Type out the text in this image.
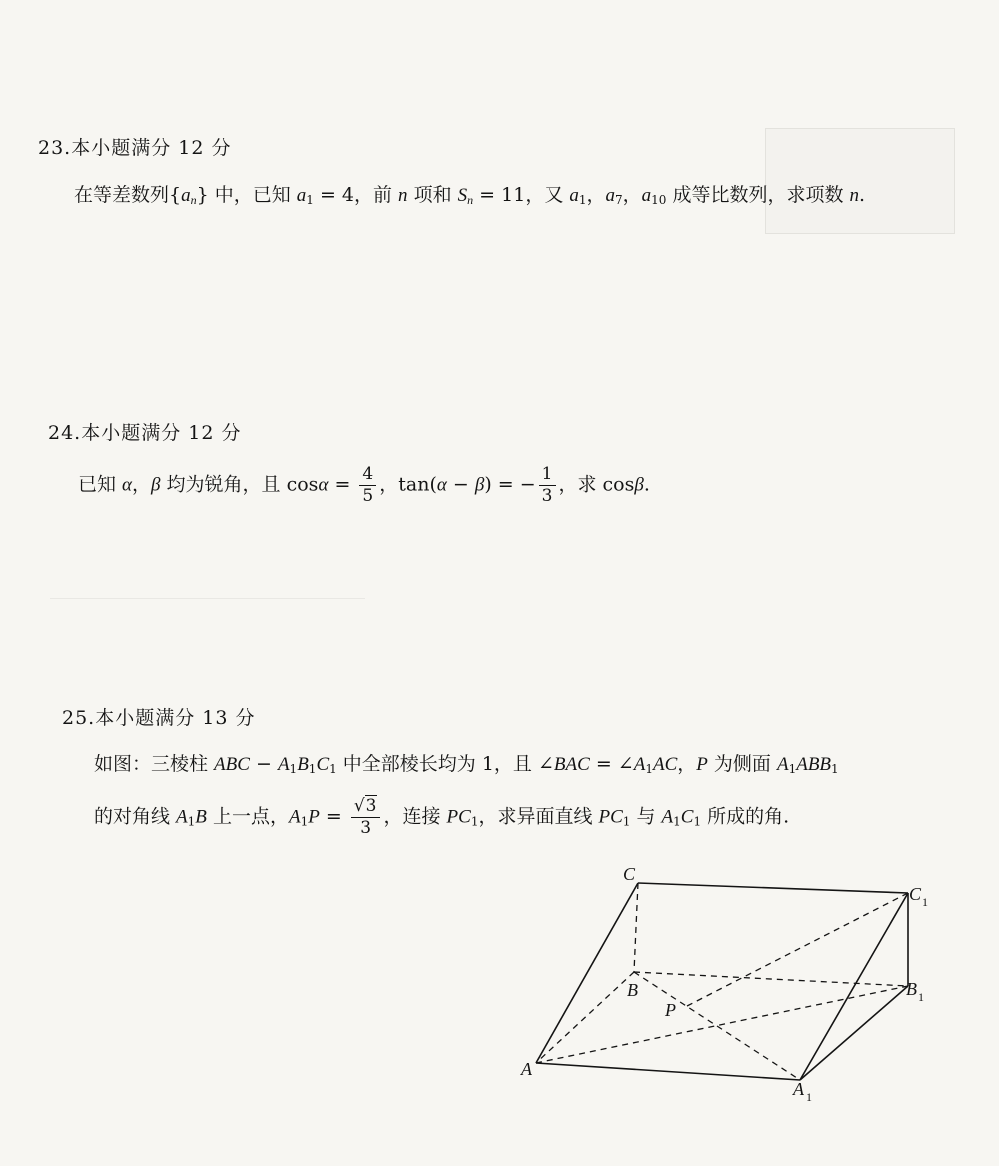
23.本小题满分 12 分
在等差数列$\{a_n\}$ 中，已知 $a_1 = 4$，前 n 项和 $S_n = 11$，又 $a_1$，$a_7$，$a_{10}$ 成等比数列，求项数 n.
24.本小题满分 12 分
已知 α，β 均为锐角，且 $\cos\alpha = \frac{4}{5}$ ，tan(α − β) = − $\frac{1}{3}$ ，求 cosβ.
25.本小题满分 13 分
如图：三棱柱 ABC − $A_1B_1C_1$ 中全部棱长均为 1，且 ∠BAC = $\angle A_1AC$，P 为侧面 $A_1ABB_1$
的对角线 $A_1B$ 上一点，$A_1P = \frac{√3}{3}$ ，连接 $PC_1$，求异面直线 $PC_1$ 与 $A_1C_1$ 所成的角.
C
C 1
B	B 1
P
A
A 1
